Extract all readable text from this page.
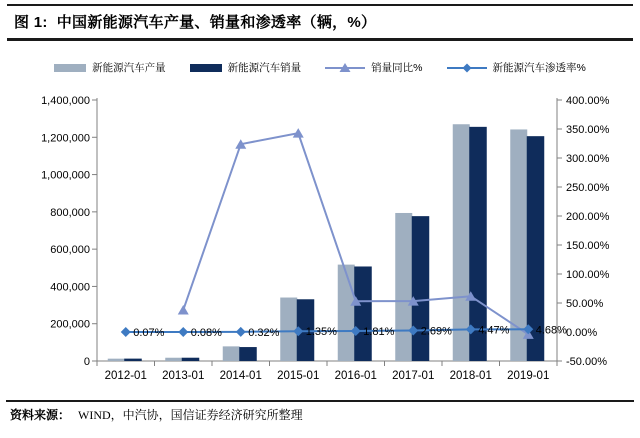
图 1: 中国新能源汽车产量、销量和渗透率（辆，%）
新能源汽车产量	新能源汽车销量	销量同比%	新能源汽车渗透率%
1,400,000
1,200,000
1,000,000
800,000
600,000
400,000
200,000
0
400.00%
350.00%
300.00%
250.00%
200.00%
150.00%
100.00%
50.00%
0.00%
-50.00%
2012-01 2013-01 2014-01 2015-01 2016-01 2017-01 2018-01 2019-01
0.07% 0.08% 0.32% 1.35% 1.81% 2.69% 4.47% 4.68%
资料来源： WIND，中汽协，国信证券经济研究所整理
